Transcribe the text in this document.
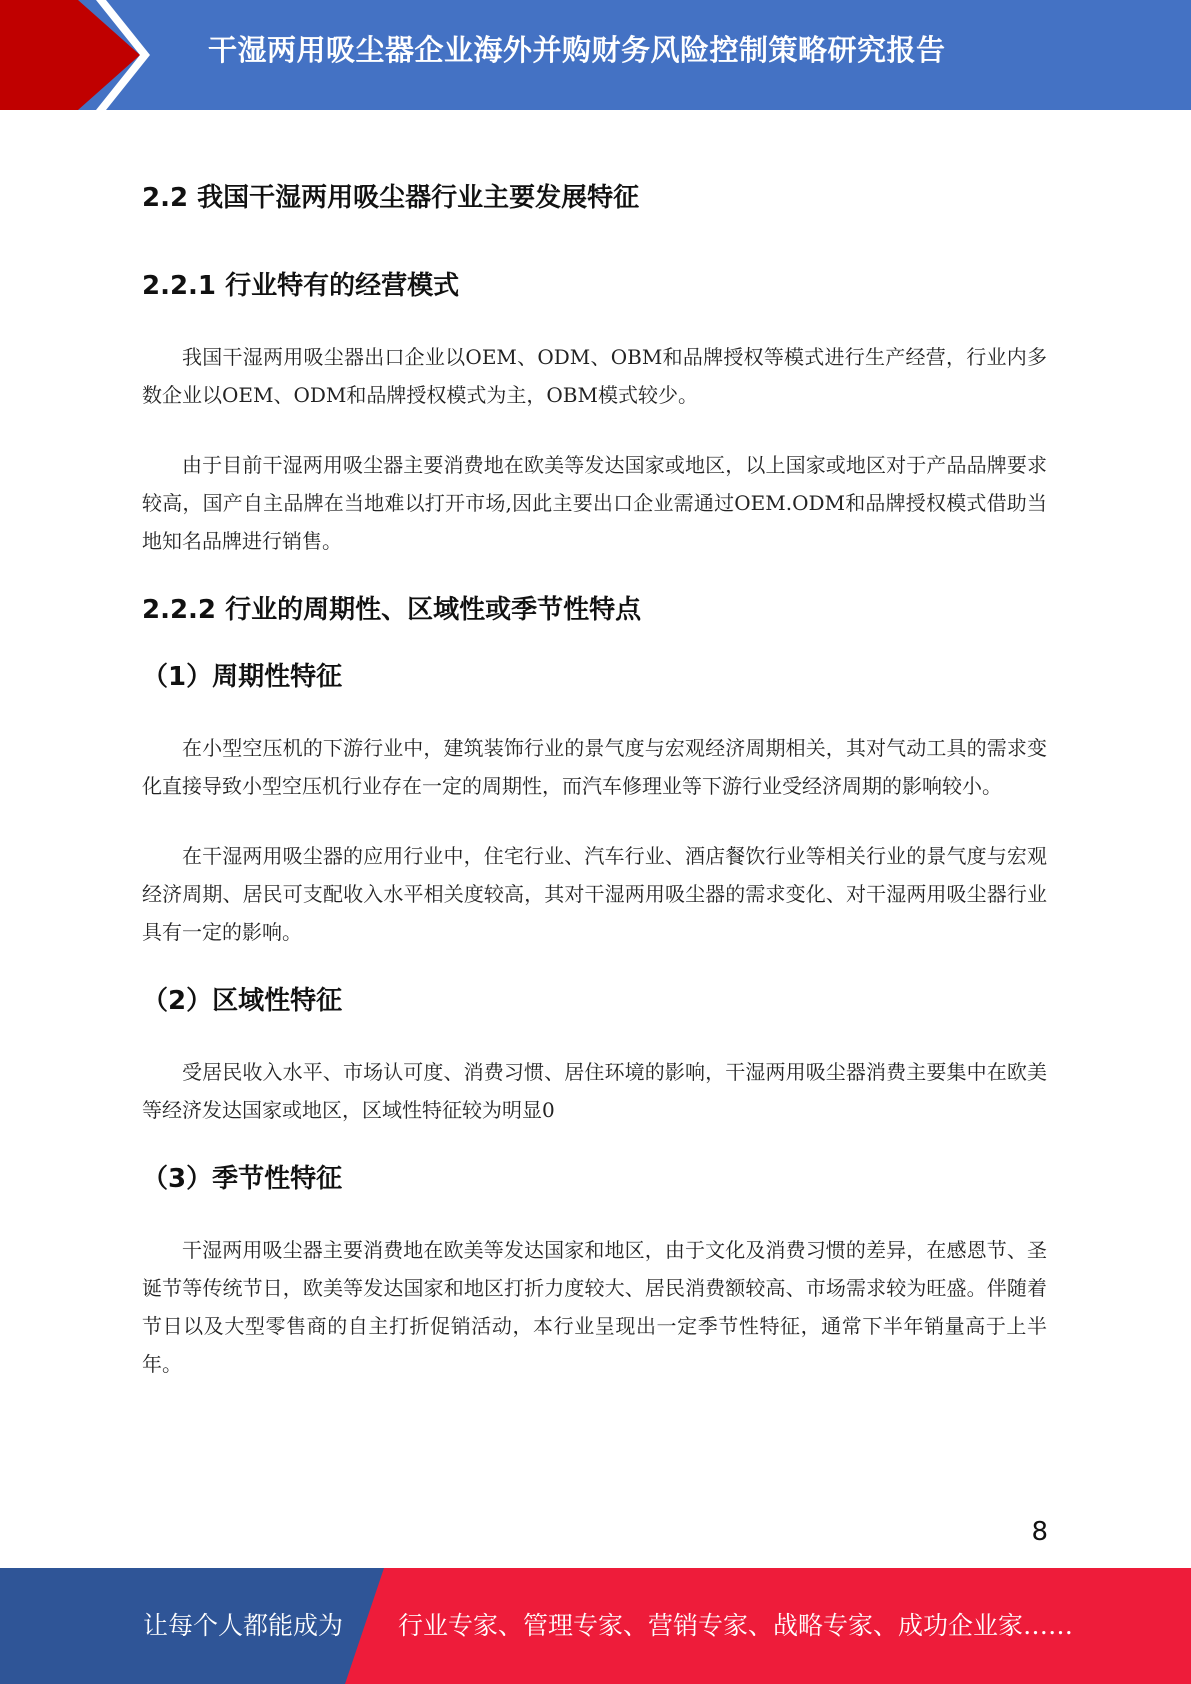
干湿两用吸尘器企业海外并购财务风险控制策略研究报告
2.2 我国干湿两用吸尘器行业主要发展特征
2.2.1 行业特有的经营模式

我国干湿两用吸尘器出口企业以OEM、ODM、OBM和品牌授权等模式进行生产经营，行业内多数企业以OEM、ODM和品牌授权模式为主，OBM模式较少。

由于目前干湿两用吸尘器主要消费地在欧美等发达国家或地区，以上国家或地区对于产品品牌要求较高，国产自主品牌在当地难以打开市场,因此主要出口企业需通过OEM.ODM和品牌授权模式借助当地知名品牌进行销售。

2.2.2 行业的周期性、区域性或季节性特点
（1）周期性特征

在小型空压机的下游行业中，建筑装饰行业的景气度与宏观经济周期相关，其对气动工具的需求变化直接导致小型空压机行业存在一定的周期性，而汽车修理业等下游行业受经济周期的影响较小。

在干湿两用吸尘器的应用行业中，住宅行业、汽车行业、酒店餐饮行业等相关行业的景气度与宏观经济周期、居民可支配收入水平相关度较高，其对干湿两用吸尘器的需求变化、对干湿两用吸尘器行业具有一定的影响。

（2）区域性特征

受居民收入水平、市场认可度、消费习惯、居住环境的影响，干湿两用吸尘器消费主要集中在欧美等经济发达国家或地区，区域性特征较为明显0

（3）季节性特征

干湿两用吸尘器主要消费地在欧美等发达国家和地区，由于文化及消费习惯的差异，在感恩节、圣诞节等传统节日，欧美等发达国家和地区打折力度较大、居民消费额较高、市场需求较为旺盛。伴随着节日以及大型零售商的自主打折促销活动，本行业呈现出一定季节性特征，通常下半年销量高于上半年。

8
让每个人都能成为 行业专家、管理专家、营销专家、战略专家、成功企业家……
